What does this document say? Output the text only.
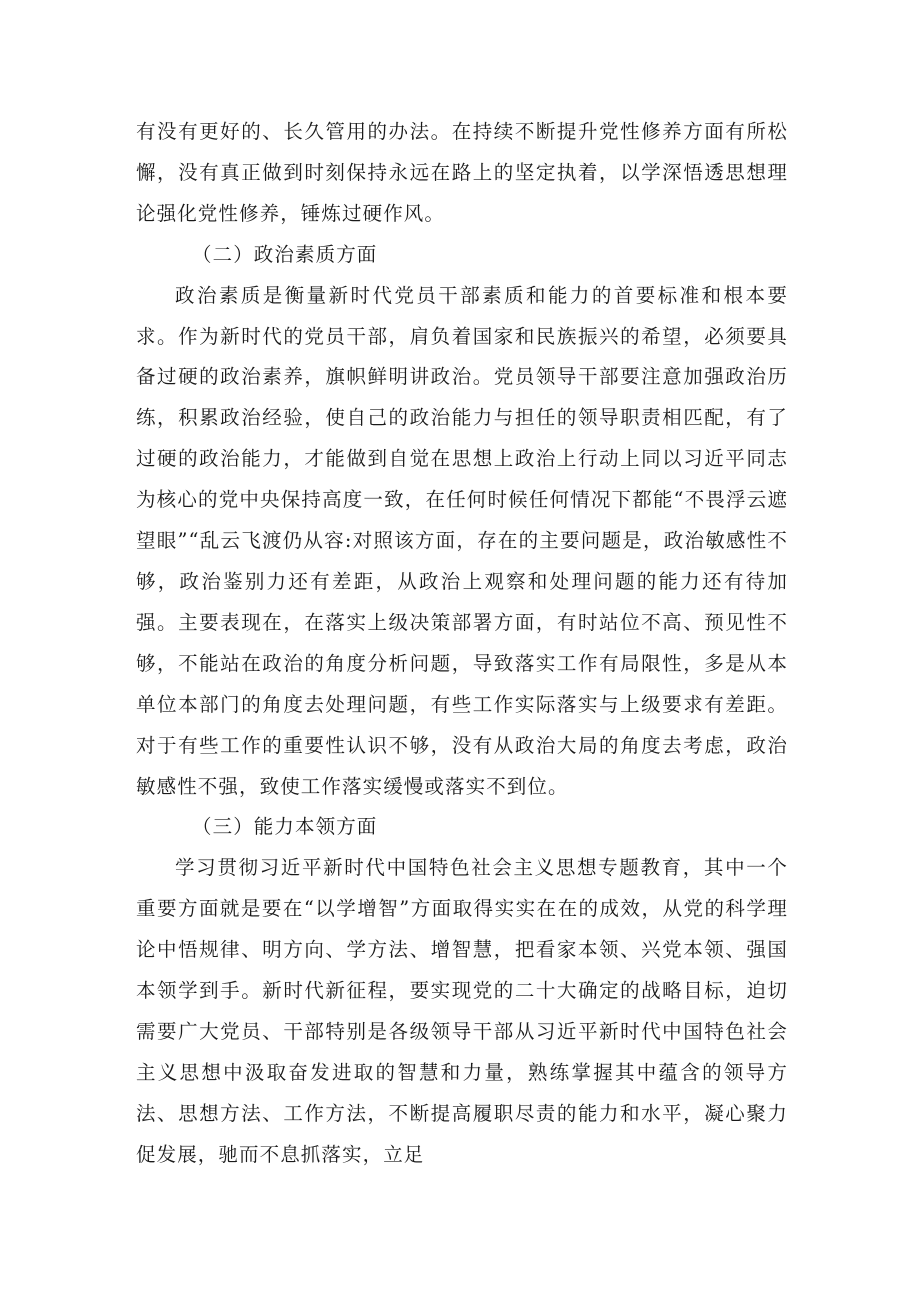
有没有更好的、长久管用的办法。在持续不断提升党性修养方面有所松懈，没有真正做到时刻保持永远在路上的坚定执着，以学深悟透思想理论强化党性修养，锤炼过硬作风。

（二）政治素质方面

政治素质是衡量新时代党员干部素质和能力的首要标准和根本要求。作为新时代的党员干部，肩负着国家和民族振兴的希望，必须要具备过硬的政治素养，旗帜鲜明讲政治。党员领导干部要注意加强政治历练，积累政治经验，使自己的政治能力与担任的领导职责相匹配，有了过硬的政治能力，才能做到自觉在思想上政治上行动上同以习近平同志为核心的党中央保持高度一致，在任何时候任何情况下都能“不畏浮云遮望眼”“乱云飞渡仍从容:对照该方面，存在的主要问题是，政治敏感性不够，政治鉴别力还有差距，从政治上观察和处理问题的能力还有待加强。主要表现在，在落实上级决策部署方面，有时站位不高、预见性不够，不能站在政治的角度分析问题，导致落实工作有局限性，多是从本单位本部门的角度去处理问题，有些工作实际落实与上级要求有差距。对于有些工作的重要性认识不够，没有从政治大局的角度去考虑，政治敏感性不强，致使工作落实缓慢或落实不到位。

（三）能力本领方面

学习贯彻习近平新时代中国特色社会主义思想专题教育，其中一个重要方面就是要在“以学增智”方面取得实实在在的成效，从党的科学理论中悟规律、明方向、学方法、增智慧，把看家本领、兴党本领、强国本领学到手。新时代新征程，要实现党的二十大确定的战略目标，迫切需要广大党员、干部特别是各级领导干部从习近平新时代中国特色社会主义思想中汲取奋发进取的智慧和力量，熟练掌握其中蕴含的领导方法、思想方法、工作方法，不断提高履职尽责的能力和水平，凝心聚力促发展，驰而不息抓落实，立足
